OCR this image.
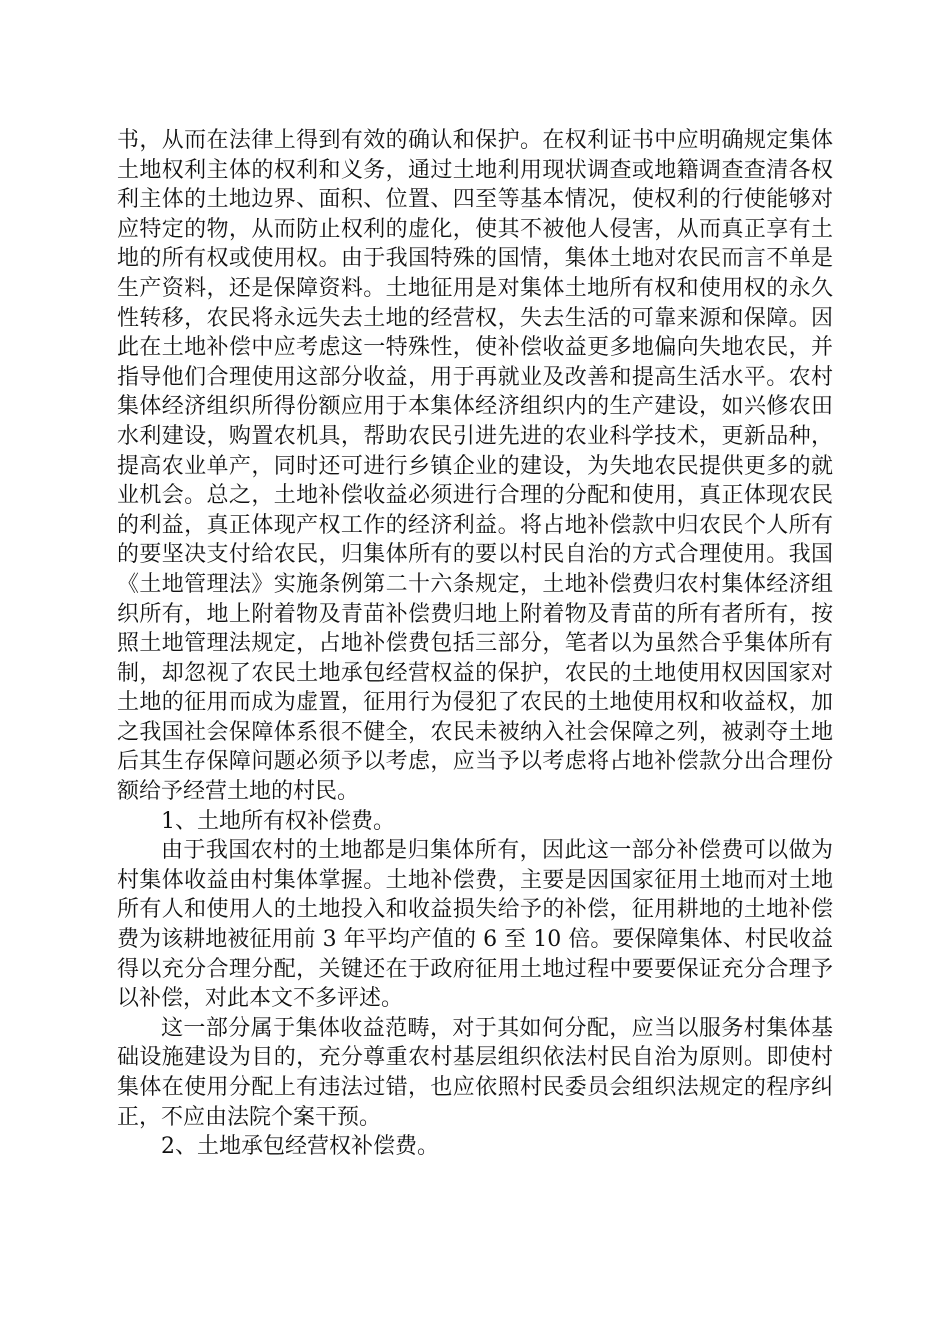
书，从而在法律上得到有效的确认和保护。在权利证书中应明确规定集体土地权利主体的权利和义务，通过土地利用现状调查或地籍调查查清各权利主体的土地边界、面积、位置、四至等基本情况，使权利的行使能够对应特定的物，从而防止权利的虚化，使其不被他人侵害，从而真正享有土地的所有权或使用权。由于我国特殊的国情，集体土地对农民而言不单是生产资料，还是保障资料。土地征用是对集体土地所有权和使用权的永久性转移，农民将永远失去土地的经营权，失去生活的可靠来源和保障。因此在土地补偿中应考虑这一特殊性，使补偿收益更多地偏向失地农民，并指导他们合理使用这部分收益，用于再就业及改善和提高生活水平。农村集体经济组织所得份额应用于本集体经济组织内的生产建设，如兴修农田水利建设，购置农机具，帮助农民引进先进的农业科学技术，更新品种，提高农业单产，同时还可进行乡镇企业的建设，为失地农民提供更多的就业机会。总之，土地补偿收益必须进行合理的分配和使用，真正体现农民的利益，真正体现产权工作的经济利益。将占地补偿款中归农民个人所有的要坚决支付给农民，归集体所有的要以村民自治的方式合理使用。我国《土地管理法》实施条例第二十六条规定，土地补偿费归农村集体经济组织所有，地上附着物及青苗补偿费归地上附着物及青苗的所有者所有，按照土地管理法规定，占地补偿费包括三部分，笔者以为虽然合乎集体所有制，却忽视了农民土地承包经营权益的保护，农民的土地使用权因国家对土地的征用而成为虚置，征用行为侵犯了农民的土地使用权和收益权，加之我国社会保障体系很不健全，农民未被纳入社会保障之列，被剥夺土地后其生存保障问题必须予以考虑，应当予以考虑将占地补偿款分出合理份额给予经营土地的村民。

1、土地所有权补偿费。

由于我国农村的土地都是归集体所有，因此这一部分补偿费可以做为村集体收益由村集体掌握。土地补偿费，主要是因国家征用土地而对土地所有人和使用人的土地投入和收益损失给予的补偿，征用耕地的土地补偿费为该耕地被征用前 3 年平均产值的 6 至 10 倍。要保障集体、村民收益得以充分合理分配，关键还在于政府征用土地过程中要要保证充分合理予以补偿，对此本文不多评述。

这一部分属于集体收益范畴，对于其如何分配，应当以服务村集体基础设施建设为目的，充分尊重农村基层组织依法村民自治为原则。即使村集体在使用分配上有违法过错，也应依照村民委员会组织法规定的程序纠正，不应由法院个案干预。

2、土地承包经营权补偿费。
